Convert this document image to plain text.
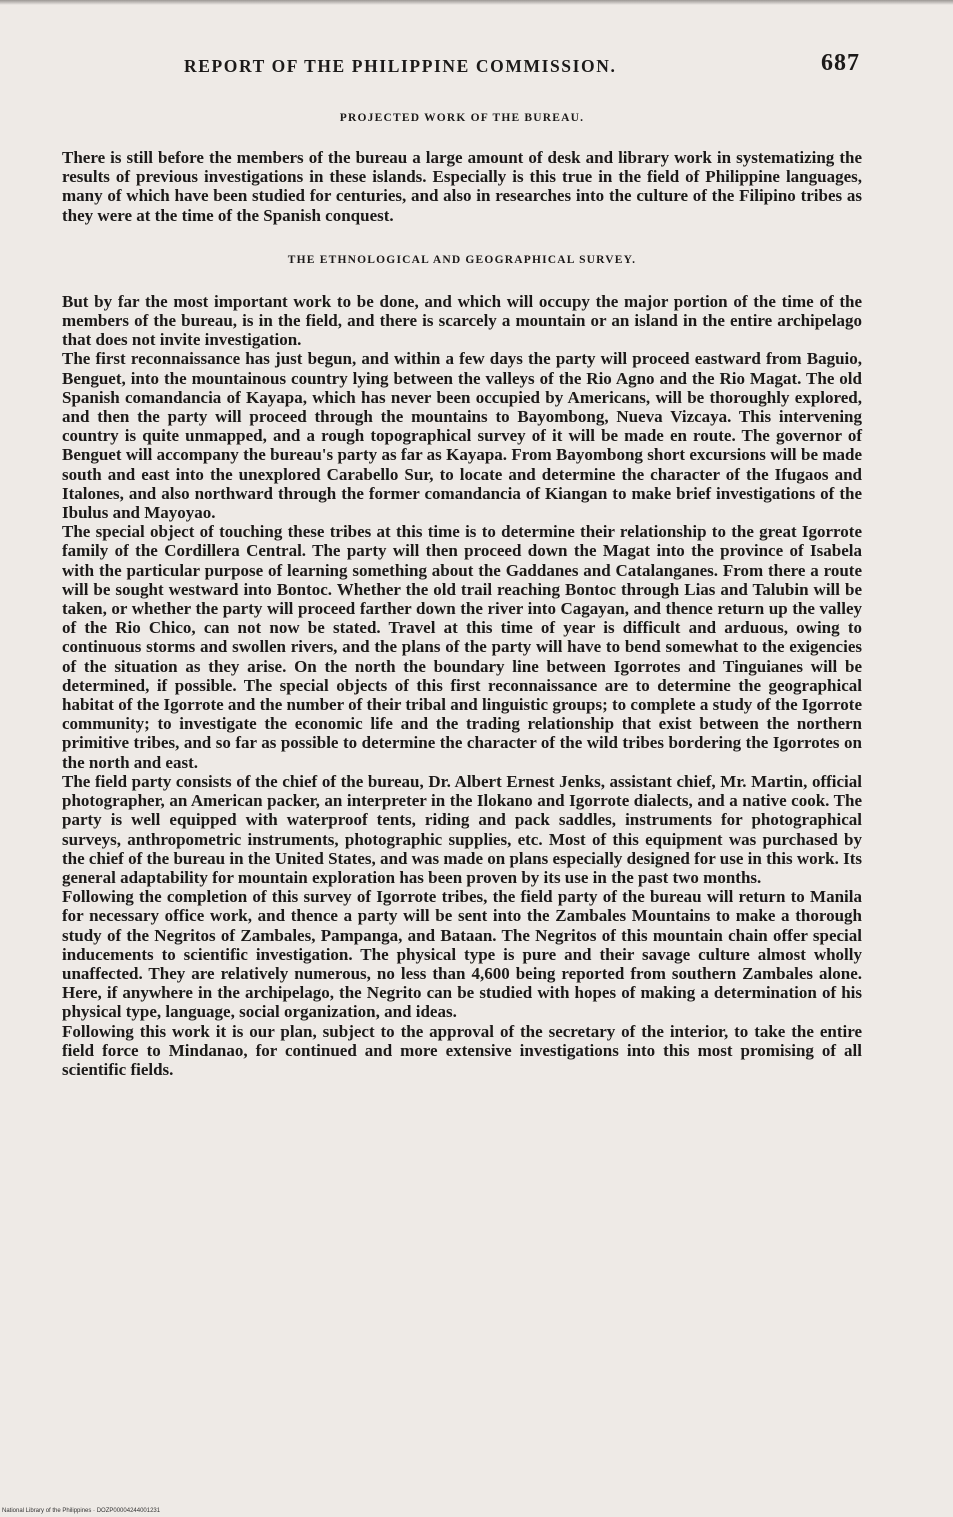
REPORT OF THE PHILIPPINE COMMISSION.	687
PROJECTED WORK OF THE BUREAU.

There is still before the members of the bureau a large amount of desk and library work in systematizing the results of previous investigations in these islands. Especially is this true in the field of Philippine languages, many of which have been studied for centuries, and also in researches into the culture of the Filipino tribes as they were at the time of the Spanish conquest.

THE ETHNOLOGICAL AND GEOGRAPHICAL SURVEY.

But by far the most important work to be done, and which will occupy the major portion of the time of the members of the bureau, is in the field, and there is scarcely a mountain or an island in the entire archipelago that does not invite investigation.

The first reconnaissance has just begun, and within a few days the party will proceed eastward from Baguio, Benguet, into the mountainous country lying between the valleys of the Rio Agno and the Rio Magat. The old Spanish comandancia of Kayapa, which has never been occupied by Americans, will be thoroughly explored, and then the party will proceed through the mountains to Bayombong, Nueva Vizcaya. This intervening country is quite unmapped, and a rough topographical survey of it will be made en route. The governor of Benguet will accompany the bureau's party as far as Kayapa. From Bayombong short excursions will be made south and east into the unexplored Carabello Sur, to locate and determine the character of the Ifugaos and Italones, and also northward through the former comandancia of Kiangan to make brief investigations of the Ibulus and Mayoyao.

The special object of touching these tribes at this time is to determine their relationship to the great Igorrote family of the Cordillera Central. The party will then proceed down the Magat into the province of Isabela with the particular purpose of learning something about the Gaddanes and Catalanganes. From there a route will be sought westward into Bontoc. Whether the old trail reaching Bontoc through Lias and Talubin will be taken, or whether the party will proceed farther down the river into Cagayan, and thence return up the valley of the Rio Chico, can not now be stated. Travel at this time of year is difficult and arduous, owing to continuous storms and swollen rivers, and the plans of the party will have to bend somewhat to the exigencies of the situation as they arise. On the north the boundary line between Igorrotes and Tinguianes will be determined, if possible. The special objects of this first reconnaissance are to determine the geographical habitat of the Igorrote and the number of their tribal and linguistic groups; to complete a study of the Igorrote community; to investigate the economic life and the trading relationship that exist between the northern primitive tribes, and so far as possible to determine the character of the wild tribes bordering the Igorrotes on the north and east.

The field party consists of the chief of the bureau, Dr. Albert Ernest Jenks, assistant chief, Mr. Martin, official photographer, an American packer, an interpreter in the Ilokano and Igorrote dialects, and a native cook. The party is well equipped with waterproof tents, riding and pack saddles, instruments for photographical surveys, anthropometric instruments, photographic supplies, etc. Most of this equipment was purchased by the chief of the bureau in the United States, and was made on plans especially designed for use in this work. Its general adaptability for mountain exploration has been proven by its use in the past two months.

Following the completion of this survey of Igorrote tribes, the field party of the bureau will return to Manila for necessary office work, and thence a party will be sent into the Zambales Mountains to make a thorough study of the Negritos of Zambales, Pampanga, and Bataan. The Negritos of this mountain chain offer special inducements to scientific investigation. The physical type is pure and their savage culture almost wholly unaffected. They are relatively numerous, no less than 4,600 being reported from southern Zambales alone. Here, if anywhere in the archipelago, the Negrito can be studied with hopes of making a determination of his physical type, language, social organization, and ideas.

Following this work it is our plan, subject to the approval of the secretary of the interior, to take the entire field force to Mindanao, for continued and more extensive investigations into this most promising of all scientific fields.

National Library of the Philippines · DOZP00004244001231
